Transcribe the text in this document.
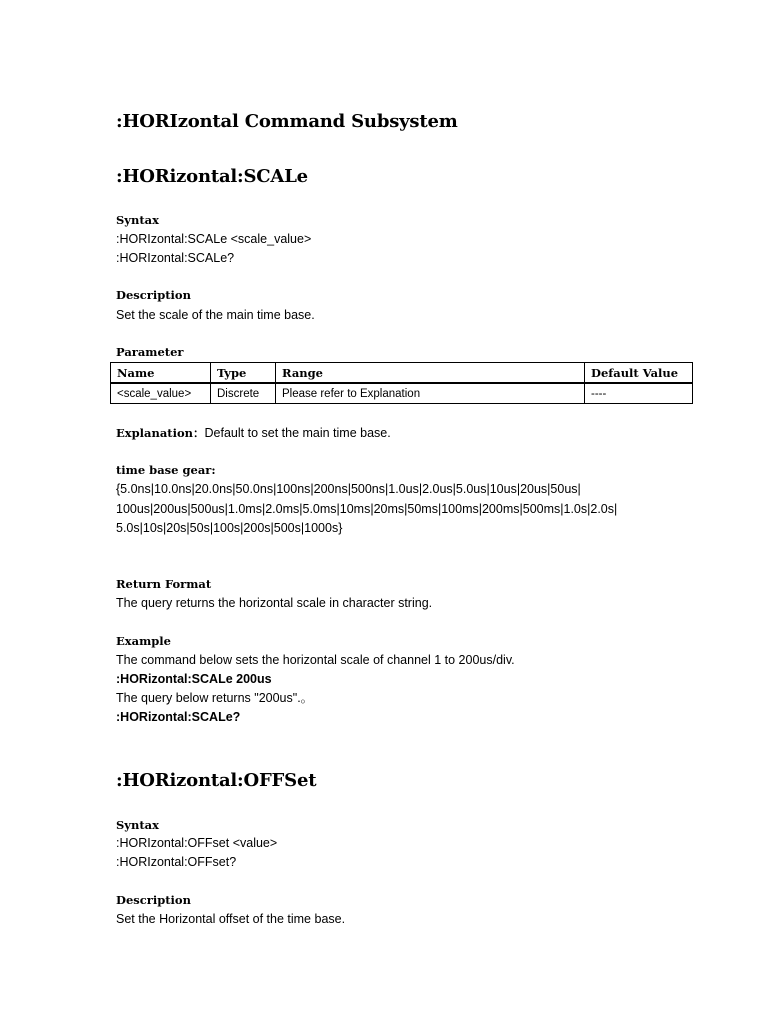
:HORIzontal Command Subsystem
:HORizontal:SCALe
Syntax
:HORIzontal:SCALe <scale_value>
:HORIzontal:SCALe?
Description
Set the scale of the main time base.
Parameter
Name	Type	Range	Default Value
<scale_value>	Discrete	Please refer to Explanation	----
Explanation：Default to set the main time base.
time base gear:
{5.0ns|10.0ns|20.0ns|50.0ns|100ns|200ns|500ns|1.0us|2.0us|5.0us|10us|20us|50us|
100us|200us|500us|1.0ms|2.0ms|5.0ms|10ms|20ms|50ms|100ms|200ms|500ms|1.0s|2.0s|
5.0s|10s|20s|50s|100s|200s|500s|1000s}
Return Format
The query returns the horizontal scale in character string.
Example
The command below sets the horizontal scale of channel 1 to 200us/div.
:HORizontal:SCALe 200us
The query below returns "200us".。
:HORizontal:SCALe?
:HORizontal:OFFSet
Syntax
:HORIzontal:OFFset <value>
:HORIzontal:OFFset?
Description
Set the Horizontal offset of the time base.
